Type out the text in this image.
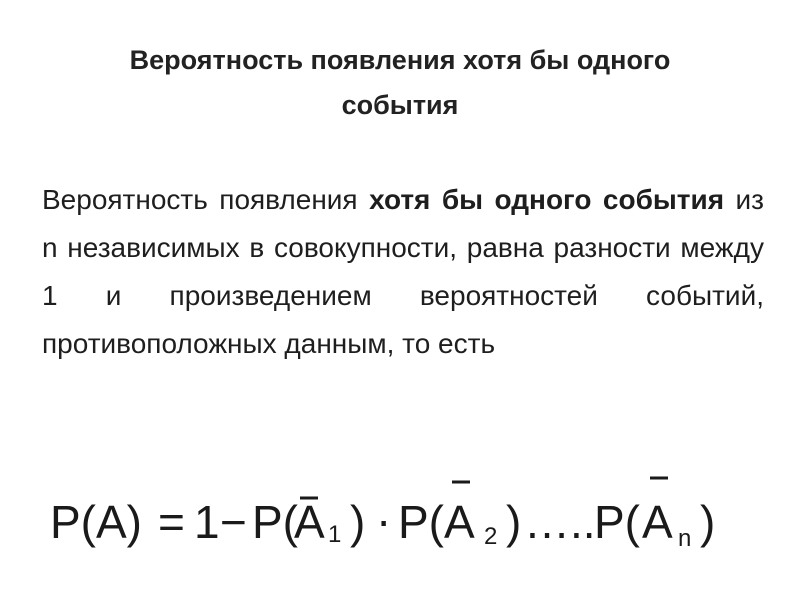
Вероятность появления хотя бы одного
события
Вероятность появления хотя бы одного события из n независимых в совокупности, равна разности между 1 и произведением вероятностей событий, противоположных данным, то есть
P(A) = 1 − P(
A 1 ) · P( A 2 ) …..
P( A n )
